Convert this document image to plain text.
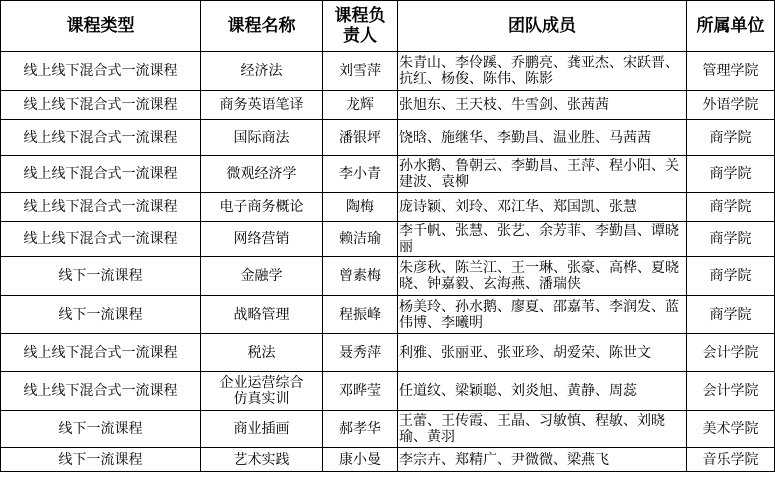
课程类型	课程名称	课程负责人	团队成员	所属单位
线上线下混合式一流课程	经济法	刘雪萍	朱青山、李伶蹊、乔鹏亮、龚亚杰、宋跃晋、抗红、杨俊、陈伟、陈影	管理学院
线上线下混合式一流课程	商务英语笔译	龙辉	张旭东、王天枝、牛雪剑、张茜茜	外语学院
线上线下混合式一流课程	国际商法	潘银坪	饶晗、施继华、李勤昌、温业胜、马茜茜	商学院
线上线下混合式一流课程	微观经济学	李小青	孙水鹅、鲁朝云、李勤昌、王萍、程小阳、关建波、袁柳	商学院
线上线下混合式一流课程	电子商务概论	陶梅	庞诗颖、刘玲、邓江华、郑国凯、张慧	商学院
线上线下混合式一流课程	网络营销	赖洁瑜	李千帆、张慧、张艺、余芳菲、李勤昌、谭晓丽	商学院
线下一流课程	金融学	曾素梅	朱彦秋、陈兰江、王一琳、张豪、高桦、夏晓晓、钟嘉毅、玄海燕、潘瑞侠	商学院
线下一流课程	战略管理	程振峰	杨美玲、孙水鹅、廖夏、邵嘉苇、李润发、蓝伟博、李曦明	商学院
线上线下混合式一流课程	税法	聂秀萍	利雅、张丽亚、张亚珍、胡爱荣、陈世文	会计学院
线上线下混合式一流课程	企业运营综合仿真实训	邓晔莹	任道纹、梁颖聪、刘炎旭、黄静、周蕊	会计学院
线下一流课程	商业插画	郝孝华	王蕾、王传霞、王晶、习敏慎、程敏、刘晓瑜、黄羽	美术学院
线下一流课程	艺术实践	康小曼	李宗卉、郑精广、尹微微、梁燕飞	音乐学院
